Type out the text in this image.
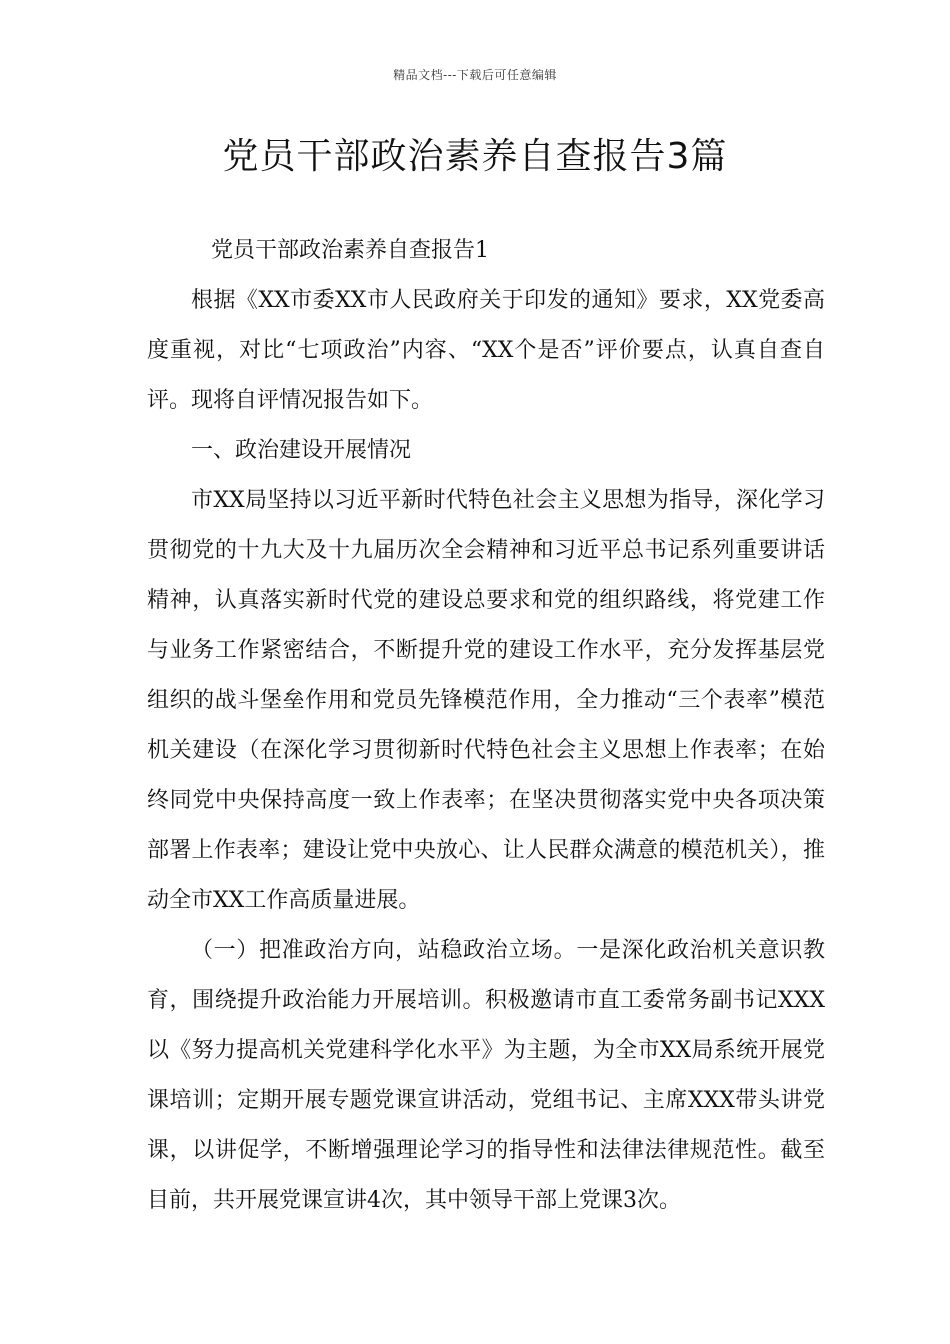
精品文档---下载后可任意编辑
党员干部政治素养自查报告3篇

党员干部政治素养自查报告1

根据《XX市委XX市人民政府关于印发的通知》要求，XX党委高度重视，对比“七项政治”内容、“XX个是否”评价要点，认真自查自评。现将自评情况报告如下。

一、政治建设开展情况

市XX局坚持以习近平新时代特色社会主义思想为指导，深化学习贯彻党的十九大及十九届历次全会精神和习近平总书记系列重要讲话精神，认真落实新时代党的建设总要求和党的组织路线，将党建工作与业务工作紧密结合，不断提升党的建设工作水平，充分发挥基层党组织的战斗堡垒作用和党员先锋模范作用，全力推动“三个表率”模范机关建设（在深化学习贯彻新时代特色社会主义思想上作表率；在始终同党中央保持高度一致上作表率；在坚决贯彻落实党中央各项决策部署上作表率；建设让党中央放心、让人民群众满意的模范机关），推动全市XX工作高质量进展。

（一）把准政治方向，站稳政治立场。一是深化政治机关意识教育，围绕提升政治能力开展培训。积极邀请市直工委常务副书记XXX以《努力提高机关党建科学化水平》为主题，为全市XX局系统开展党课培训；定期开展专题党课宣讲活动，党组书记、主席XXX带头讲党课，以讲促学，不断增强理论学习的指导性和法律法律规范性。截至目前，共开展党课宣讲4次，其中领导干部上党课3次。
